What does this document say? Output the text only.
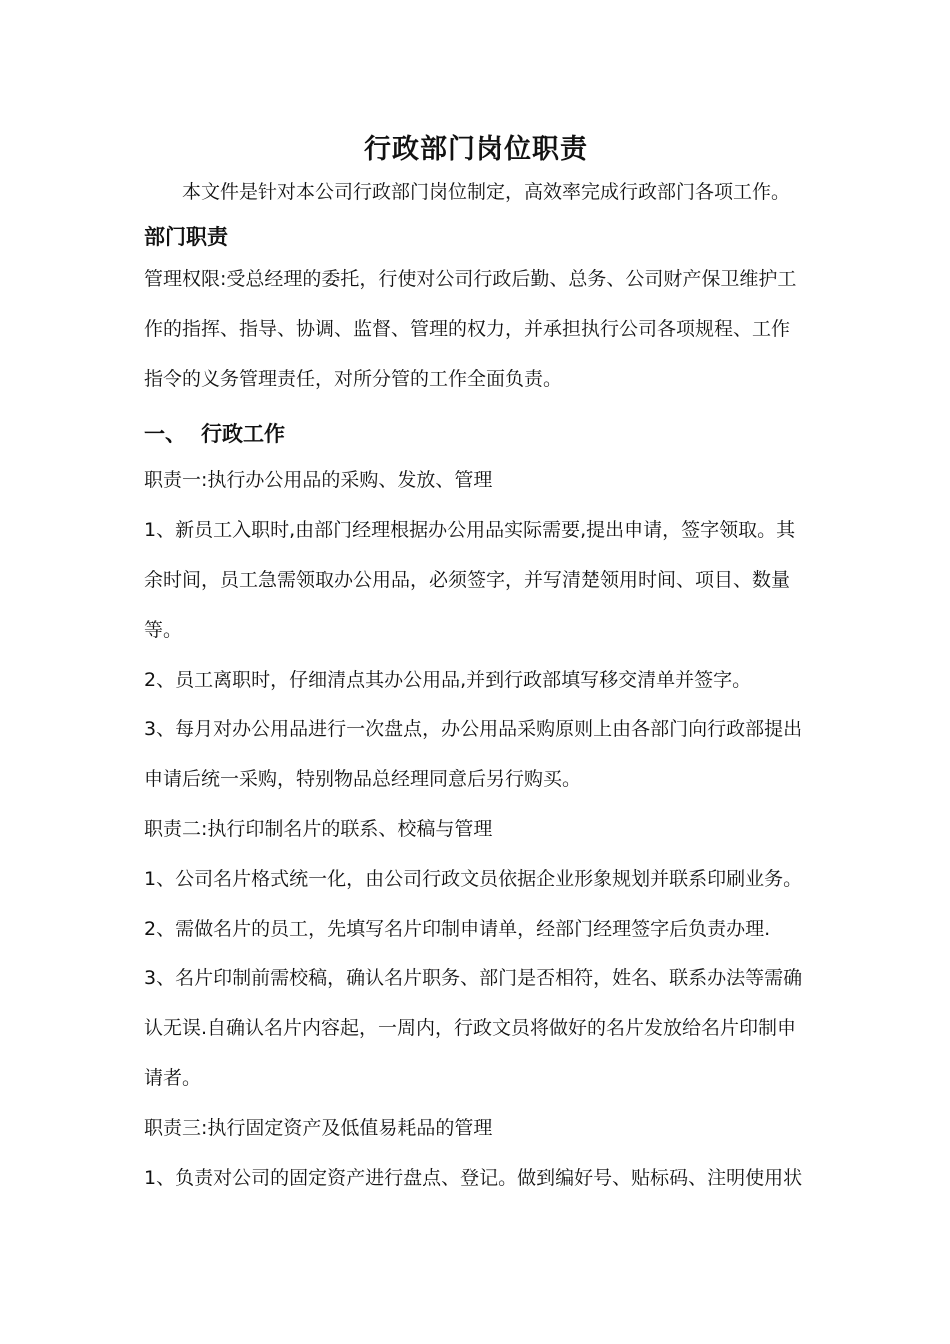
行政部门岗位职责

本文件是针对本公司行政部门岗位制定，高效率完成行政部门各项工作。

部门职责
管理权限:受总经理的委托，行使对公司行政后勤、总务、公司财产保卫维护工
作的指挥、指导、协调、监督、管理的权力，并承担执行公司各项规程、工作
指令的义务管理责任，对所分管的工作全面负责。
一、 行政工作
职责一:执行办公用品的采购、发放、管理
1、新员工入职时,由部门经理根据办公用品实际需要,提出申请，签字领取。其
余时间，员工急需领取办公用品，必须签字，并写清楚领用时间、项目、数量
等。
2、员工离职时，仔细清点其办公用品,并到行政部填写移交清单并签字。
3、每月对办公用品进行一次盘点，办公用品采购原则上由各部门向行政部提出
申请后统一采购，特别物品总经理同意后另行购买。
职责二:执行印制名片的联系、校稿与管理
1、公司名片格式统一化，由公司行政文员依据企业形象规划并联系印刷业务。
2、需做名片的员工，先填写名片印制申请单，经部门经理签字后负责办理.
3、名片印制前需校稿，确认名片职务、部门是否相符，姓名、联系办法等需确
认无误.自确认名片内容起，一周内，行政文员将做好的名片发放给名片印制申
请者。
职责三:执行固定资产及低值易耗品的管理
1、负责对公司的固定资产进行盘点、登记。做到编好号、贴标码、注明使用状
